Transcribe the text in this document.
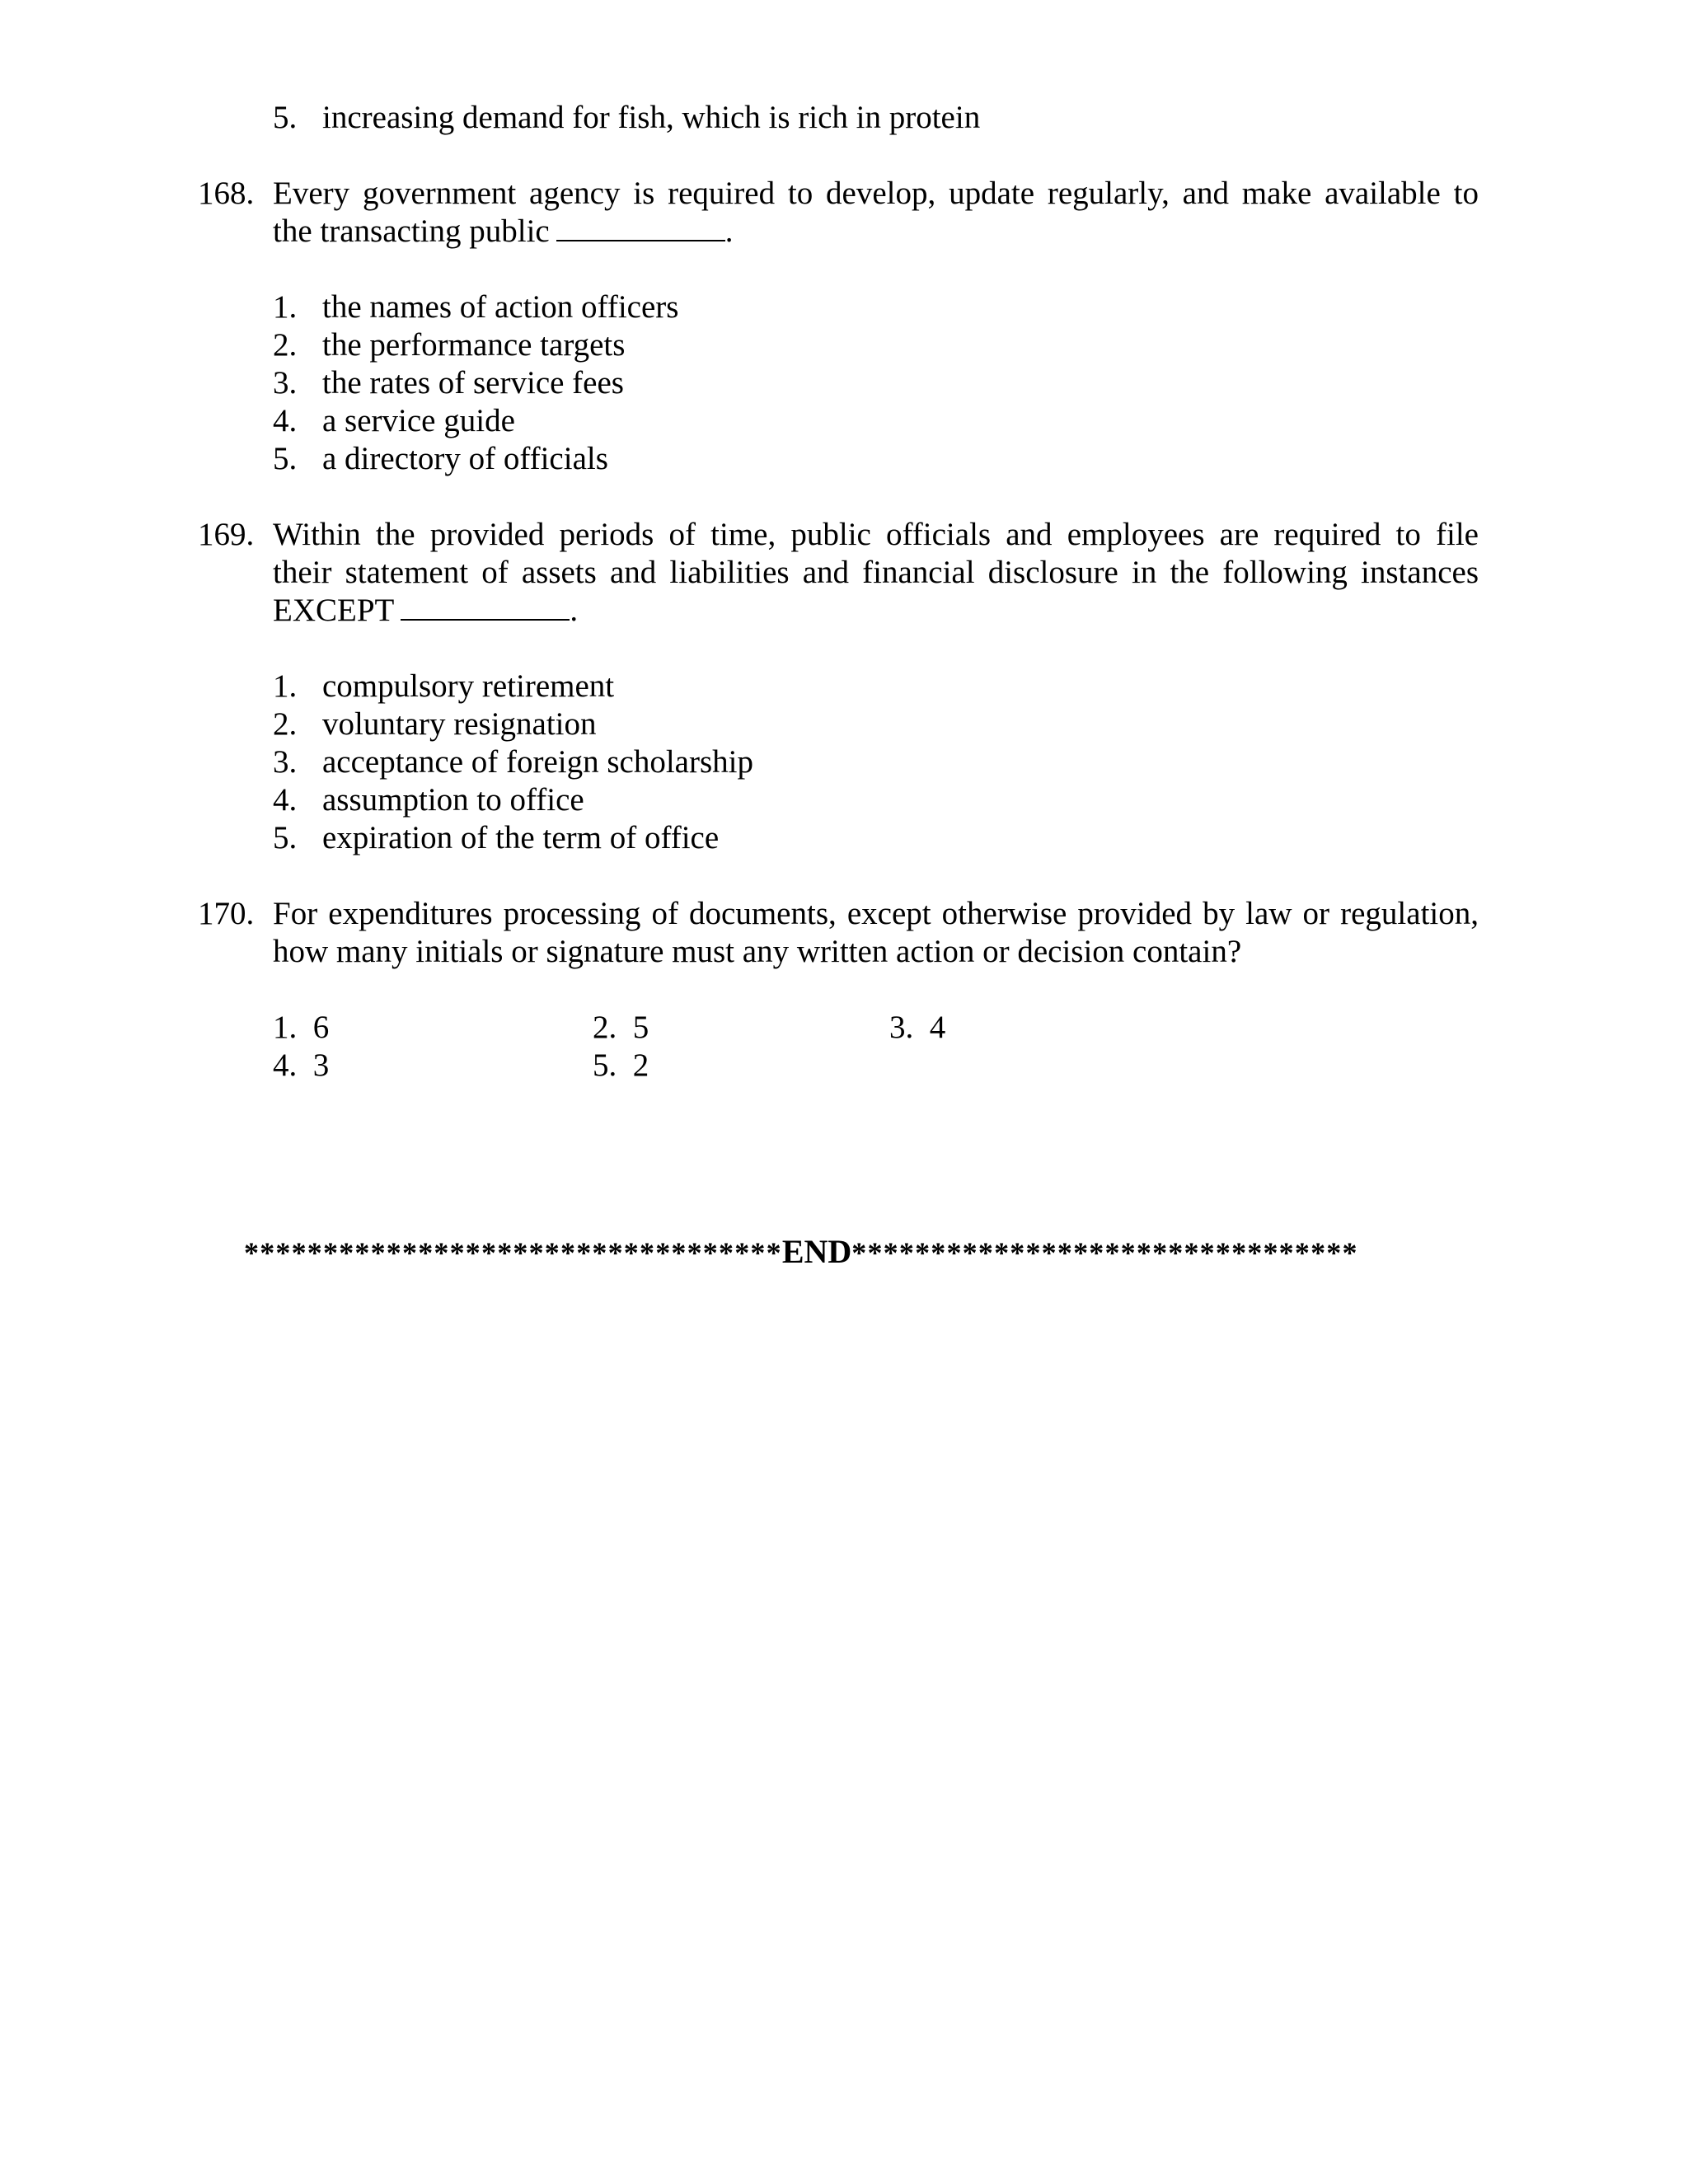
5. increasing demand for fish, which is rich in protein
168. Every government agency is required to develop, update regularly, and make available to
the transacting public	.
1. the names of action officers
2. the performance targets
3. the rates of service fees
4. a service guide
5. a directory of officials
169. Within the provided periods of time, public officials and employees are required to file
their statement of assets and liabilities and financial disclosure in the following instances
EXCEPT	.
1. compulsory retirement
2. voluntary resignation
3. acceptance of foreign scholarship
4. assumption to office
5. expiration of the term of office
170. For expenditures processing of documents, except otherwise provided by law or regulation,
how many initials or signature must any written action or decision contain?
1. 6	2. 5	3. 4
4. 3	5. 2
**********************************END********************************
